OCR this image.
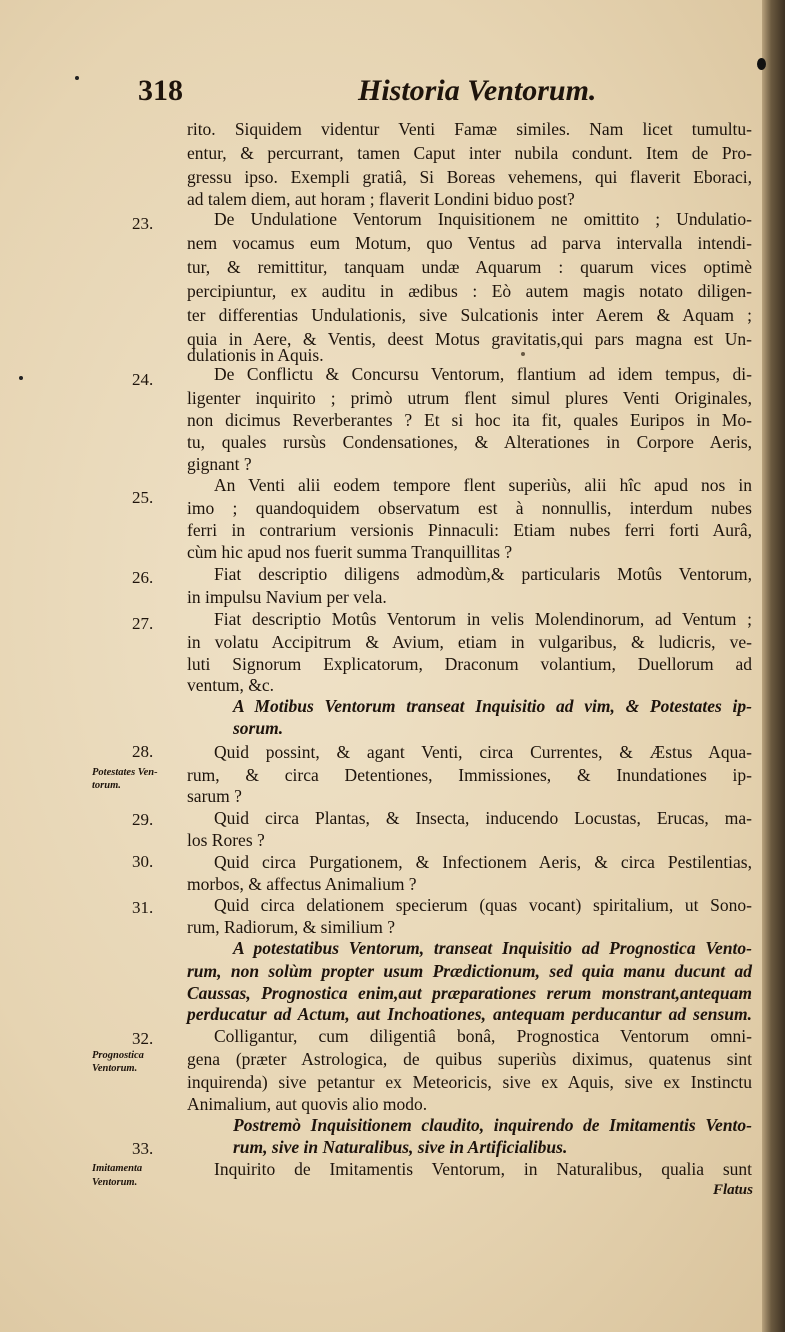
318	Historia Ventorum.
rito. Siquidem videntur Venti Famæ similes. Nam licet tumultu-
entur, & percurrant, tamen Caput inter nubila condunt. Item de Pro-
gressu ipso. Exempli gratiâ, Si Boreas vehemens, qui flaverit Eboraci,
ad talem diem, aut horam ; flaverit Londini biduo post?
De Undulatione Ventorum Inquisitionem ne omittito ; Undulatio-
nem vocamus eum Motum, quo Ventus ad parva intervalla intendi-
tur, & remittitur, tanquam undæ Aquarum : quarum vices optimè
percipiuntur, ex auditu in ædibus : Eò autem magis notato diligen-
ter differentias Undulationis, sive Sulcationis inter Aerem & Aquam ;
quia in Aere, & Ventis, deest Motus gravitatis,qui pars magna est Un-
dulationis in Aquis.
De Conflictu & Concursu Ventorum, flantium ad idem tempus, di-
ligenter inquirito ; primò utrum flent simul plures Venti Originales,
non dicimus Reverberantes ? Et si hoc ita fit, quales Euripos in Mo-
tu, quales rursùs Condensationes, & Alterationes in Corpore Aeris,
gignant ?
An Venti alii eodem tempore flent superiùs, alii hîc apud nos in
imo ; quandoquidem observatum est à nonnullis, interdum nubes
ferri in contrarium versionis Pinnaculi: Etiam nubes ferri forti Aurâ,
cùm hic apud nos fuerit summa Tranquillitas ?
Fiat descriptio diligens admodùm,& particularis Motûs Ventorum,
in impulsu Navium per vela.
Fiat descriptio Motûs Ventorum in velis Molendinorum, ad Ventum ;
in volatu Accipitrum & Avium, etiam in vulgaribus, & ludicris, ve-
luti Signorum Explicatorum, Draconum volantium, Duellorum ad
ventum, &c.
A Motibus Ventorum transeat Inquisitio ad vim, & Potestates ip-
sorum.
Quid possint, & agant Venti, circa Currentes, & Æstus Aqua-
rum, & circa Detentiones, Immissiones, & Inundationes ip-
sarum ?
Quid circa Plantas, & Insecta, inducendo Locustas, Erucas, ma-
los Rores ?
Quid circa Purgationem, & Infectionem Aeris, & circa Pestilentias,
morbos, & affectus Animalium ?
Quid circa delationem specierum (quas vocant) spiritalium, ut Sono-
rum, Radiorum, & similium ?
A potestatibus Ventorum, transeat Inquisitio ad Prognostica Vento-
rum, non solùm propter usum Prædictionum, sed quia manu ducunt ad
Caussas, Prognostica enim,aut præparationes rerum monstrant,antequam
perducatur ad Actum, aut Inchoationes, antequam perducantur ad sensum.
Colligantur, cum diligentiâ bonâ, Prognostica Ventorum omni-
gena (præter Astrologica, de quibus superiùs diximus, quatenus sint
inquirenda) sive petantur ex Meteoricis, sive ex Aquis, sive ex Instinctu
Animalium, aut quovis alio modo.
Postremò Inquisitionem claudito, inquirendo de Imitamentis Vento-
rum, sive in Naturalibus, sive in Artificialibus.
Inquirito de Imitamentis Ventorum, in Naturalibus, qualia sunt
Flatus
23.
24.
25.
26.
27.
28.
29.
30.
31.
32.
33.
Potestates Ven-
torum.
Prognostica
Ventorum.
Imitamenta
Ventorum.
